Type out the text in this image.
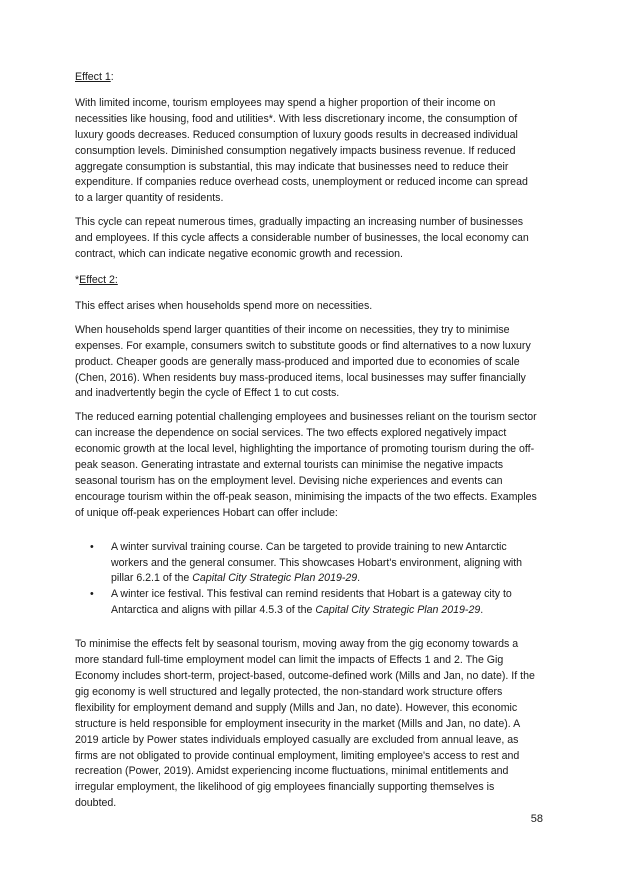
Effect 1:

With limited income, tourism employees may spend a higher proportion of their income on necessities like housing, food and utilities*. With less discretionary income, the consumption of luxury goods decreases. Reduced consumption of luxury goods results in decreased individual consumption levels. Diminished consumption negatively impacts business revenue. If reduced aggregate consumption is substantial, this may indicate that businesses need to reduce their expenditure. If companies reduce overhead costs, unemployment or reduced income can spread to a larger quantity of residents.

This cycle can repeat numerous times, gradually impacting an increasing number of businesses and employees. If this cycle affects a considerable number of businesses, the local economy can contract, which can indicate negative economic growth and recession.

*Effect 2:

This effect arises when households spend more on necessities.

When households spend larger quantities of their income on necessities, they try to minimise expenses. For example, consumers switch to substitute goods or find alternatives to a now luxury product. Cheaper goods are generally mass-produced and imported due to economies of scale (Chen, 2016). When residents buy mass-produced items, local businesses may suffer financially and inadvertently begin the cycle of Effect 1 to cut costs.

The reduced earning potential challenging employees and businesses reliant on the tourism sector can increase the dependence on social services. The two effects explored negatively impact economic growth at the local level, highlighting the importance of promoting tourism during the off-peak season. Generating intrastate and external tourists can minimise the negative impacts seasonal tourism has on the employment level. Devising niche experiences and events can encourage tourism within the off-peak season, minimising the impacts of the two effects. Examples of unique off-peak experiences Hobart can offer include:

• A winter survival training course. Can be targeted to provide training to new Antarctic workers and the general consumer. This showcases Hobart's environment, aligning with pillar 6.2.1 of the Capital City Strategic Plan 2019-29.
• A winter ice festival. This festival can remind residents that Hobart is a gateway city to Antarctica and aligns with pillar 4.5.3 of the Capital City Strategic Plan 2019-29.

To minimise the effects felt by seasonal tourism, moving away from the gig economy towards a more standard full-time employment model can limit the impacts of Effects 1 and 2. The Gig Economy includes short-term, project-based, outcome-defined work (Mills and Jan, no date). If the gig economy is well structured and legally protected, the non-standard work structure offers flexibility for employment demand and supply (Mills and Jan, no date). However, this economic structure is held responsible for employment insecurity in the market (Mills and Jan, no date). A 2019 article by Power states individuals employed casually are excluded from annual leave, as firms are not obligated to provide continual employment, limiting employee's access to rest and recreation (Power, 2019). Amidst experiencing income fluctuations, minimal entitlements and irregular employment, the likelihood of gig employees financially supporting themselves is doubted.

58
